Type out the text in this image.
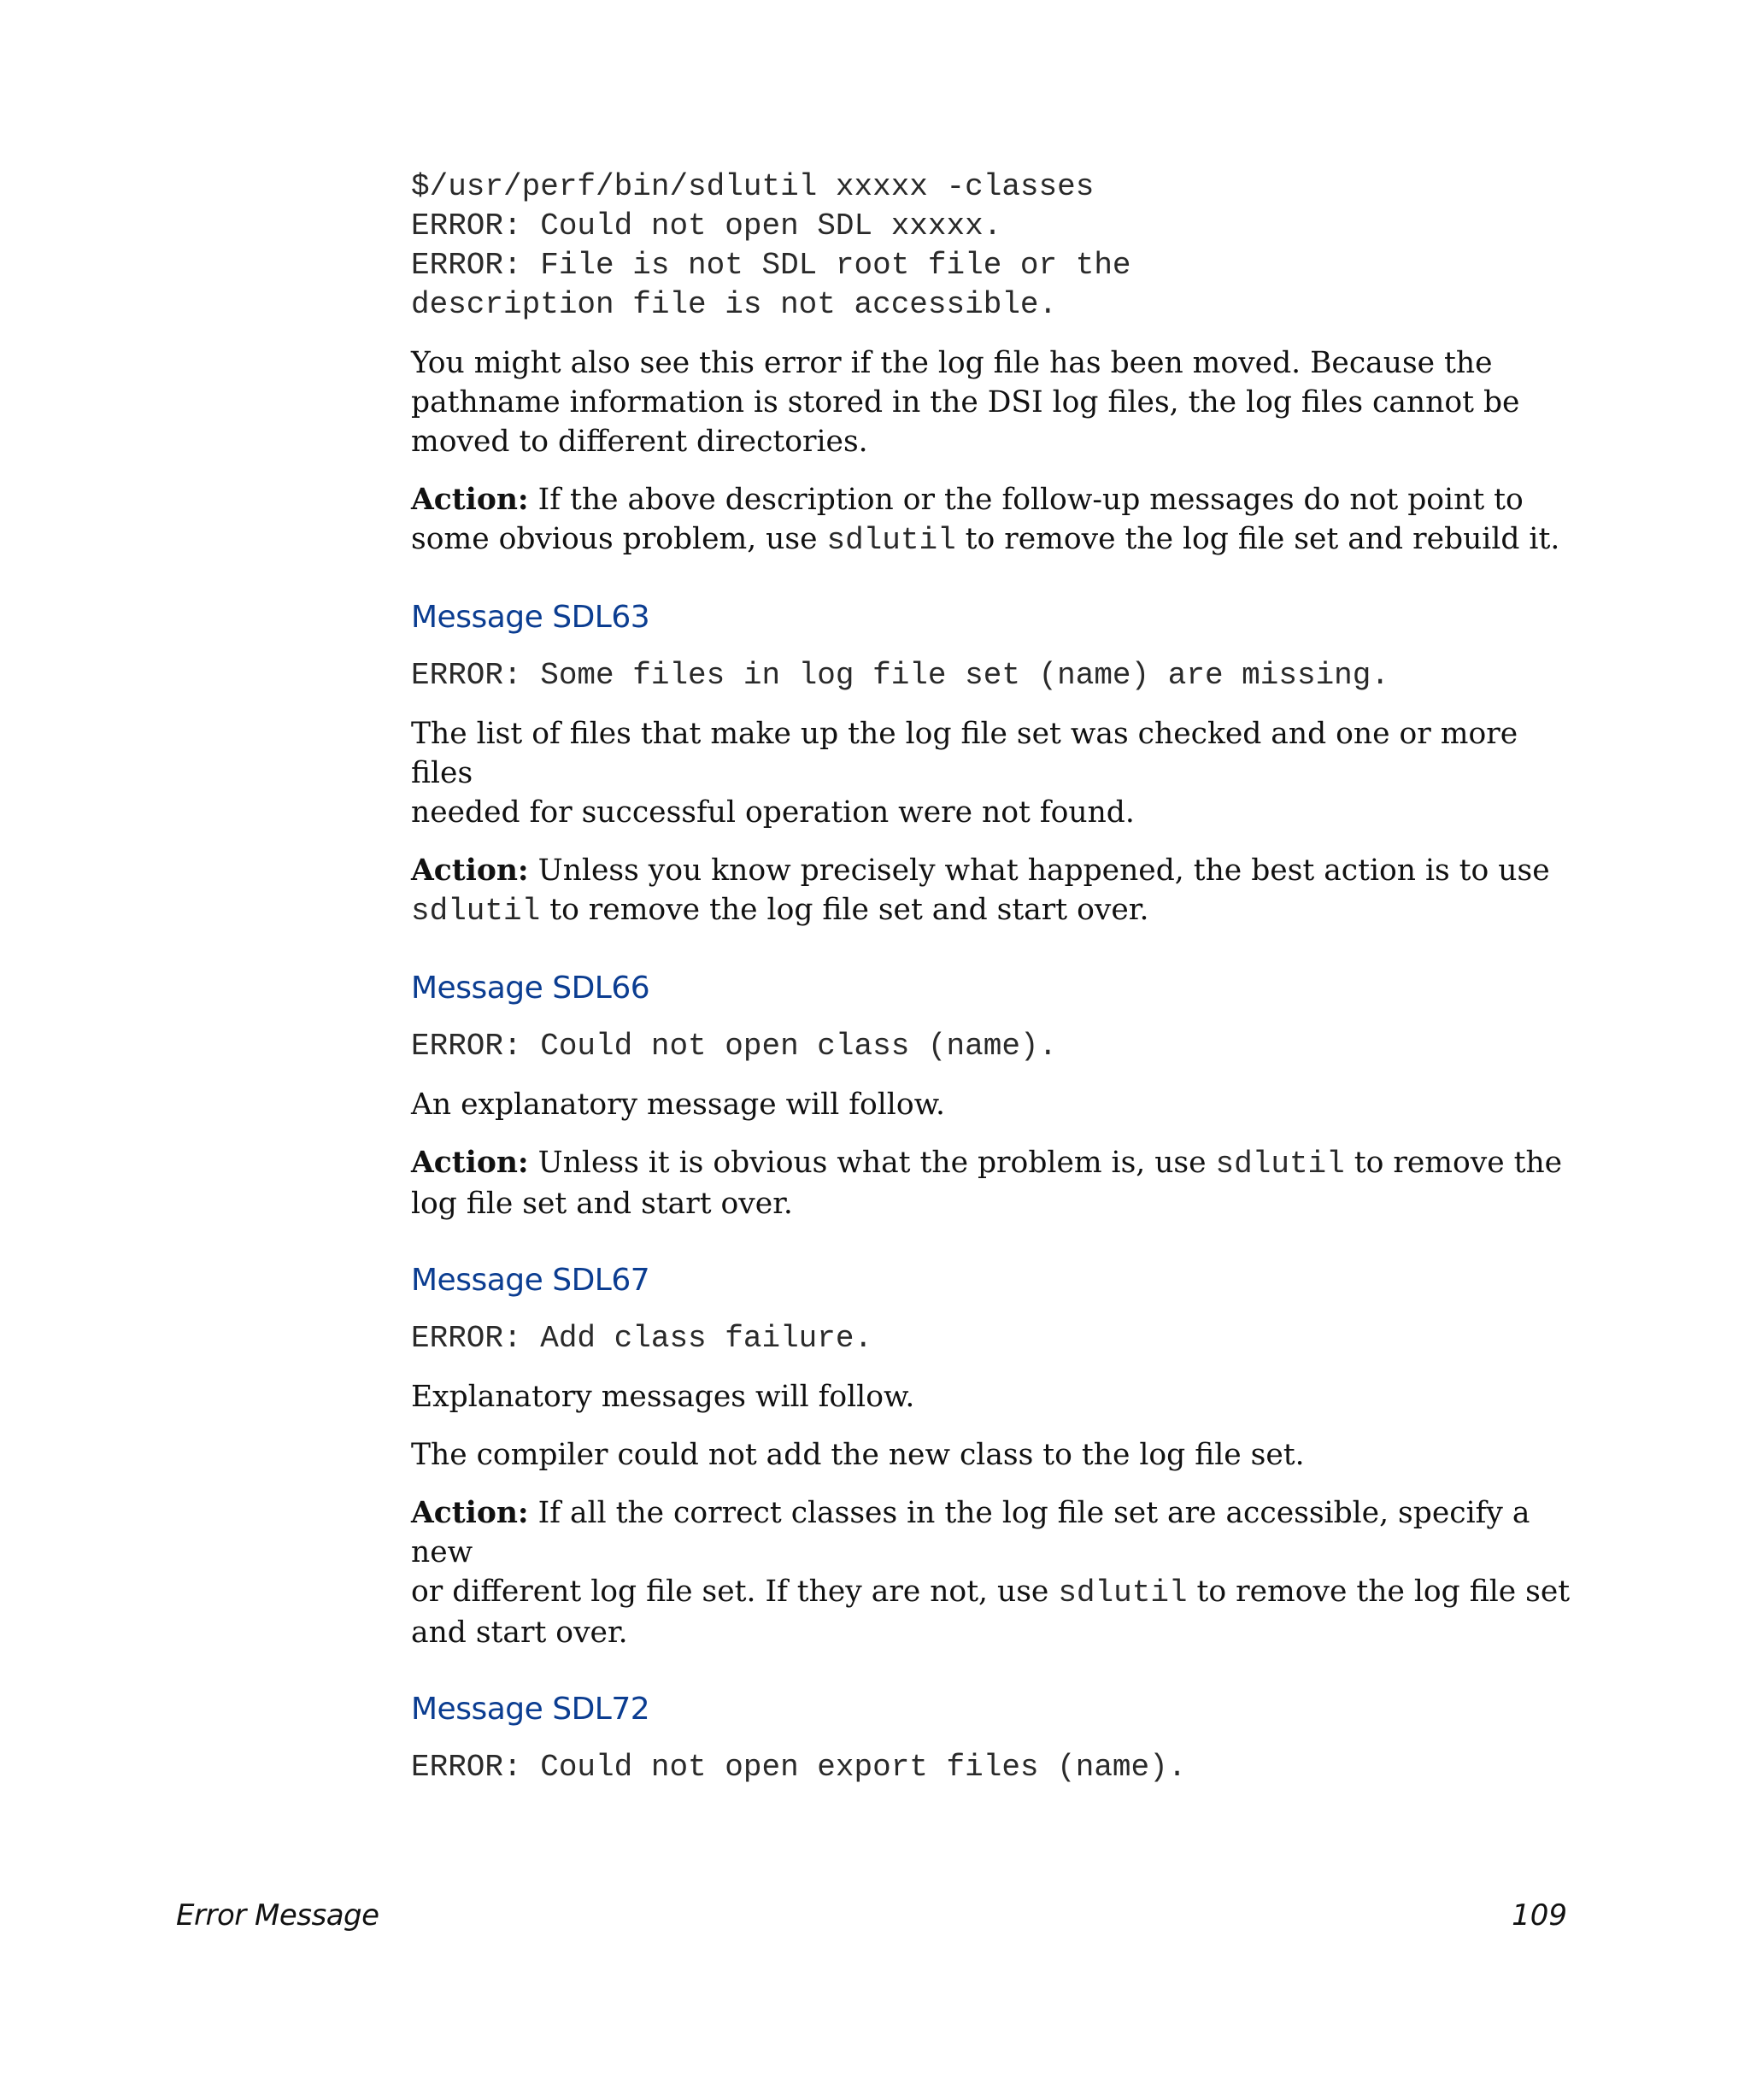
$/usr/perf/bin/sdlutil xxxxx -classes

ERROR: Could not open SDL xxxxx.

ERROR: File is not SDL root file or the

description file is not accessible.

You might also see this error if the log file has been moved. Because the

pathname information is stored in the DSI log files, the log files cannot be

moved to different directories.

Action: If the above description or the follow-up messages do not point to

some obvious problem, use sdlutil to remove the log file set and rebuild it.

Message SDL63

ERROR: Some files in log file set (name) are missing.

The list of files that make up the log file set was checked and one or more files

needed for successful operation were not found.

Action: Unless you know precisely what happened, the best action is to use

sdlutil to remove the log file set and start over.

Message SDL66

ERROR: Could not open class (name).

An explanatory message will follow.

Action: Unless it is obvious what the problem is, use sdlutil to remove the

log file set and start over.

Message SDL67

ERROR: Add class failure.

Explanatory messages will follow.

The compiler could not add the new class to the log file set.

Action: If all the correct classes in the log file set are accessible, specify a new

or different log file set. If they are not, use sdlutil to remove the log file set

and start over.

Message SDL72

ERROR: Could not open export files (name).

Error Message	109
